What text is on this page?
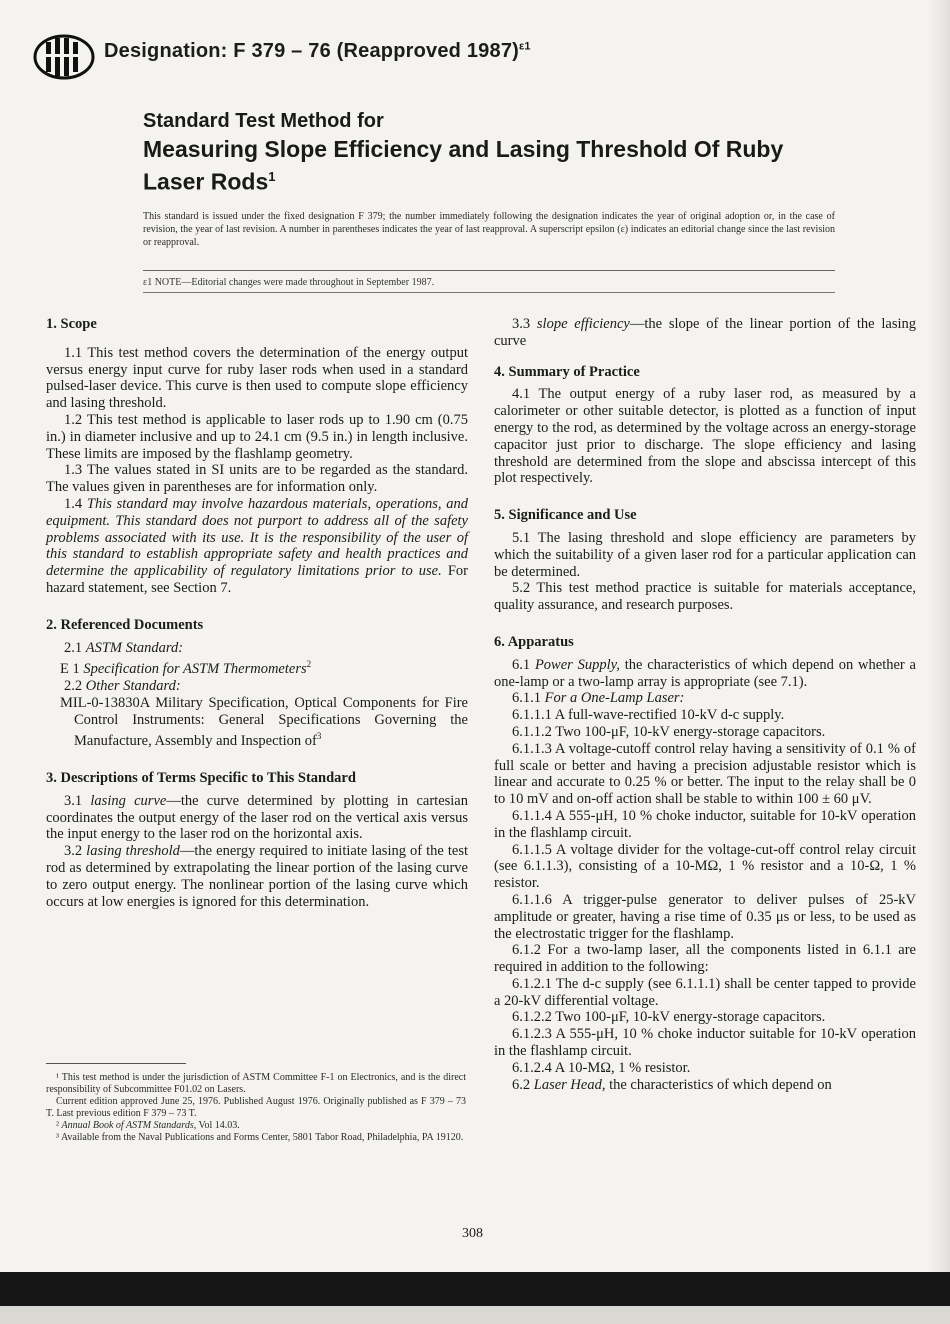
Designation: F 379 – 76 (Reapproved 1987)$^{\varepsilon 1}$
Standard Test Method for
Measuring Slope Efficiency and Lasing Threshold Of Ruby Laser Rods$^1$
This standard is issued under the fixed designation F 379; the number immediately following the designation indicates the year of original adoption or, in the case of revision, the year of last revision. A number in parentheses indicates the year of last reapproval. A superscript epsilon (ε) indicates an editorial change since the last revision or reapproval.
ε1 NOTE—Editorial changes were made throughout in September 1987.
1. Scope

1.1 This test method covers the determination of the energy output versus energy input curve for ruby laser rods when used in a standard pulsed-laser device. This curve is then used to compute slope efficiency and lasing threshold.

1.2 This test method is applicable to laser rods up to 1.90 cm (0.75 in.) in diameter inclusive and up to 24.1 cm (9.5 in.) in length inclusive. These limits are imposed by the flashlamp geometry.

1.3 The values stated in SI units are to be regarded as the standard. The values given in parentheses are for information only.

1.4 This standard may involve hazardous materials, operations, and equipment. This standard does not purport to address all of the safety problems associated with its use. It is the responsibility of the user of this standard to establish appropriate safety and health practices and determine the applicability of regulatory limitations prior to use. For hazard statement, see Section 7.

2. Referenced Documents

2.1 ASTM Standard:

E 1 Specification for ASTM Thermometers$^2$

2.2 Other Standard:

MIL-0-13830A Military Specification, Optical Components for Fire Control Instruments: General Specifications Governing the Manufacture, Assembly and Inspection $of^3$

3. Descriptions of Terms Specific to This Standard

3.1 lasing curve—the curve determined by plotting in cartesian coordinates the output energy of the laser rod on the vertical axis versus the input energy to the laser rod on the horizontal axis.

3.2 lasing threshold—the energy required to initiate lasing of the test rod as determined by extrapolating the linear portion of the lasing curve to zero output energy. The nonlinear portion of the lasing curve which occurs at low energies is ignored for this determination.

¹ This test method is under the jurisdiction of ASTM Committee F-1 on Electronics, and is the direct responsibility of Subcommittee F01.02 on Lasers.

Current edition approved June 25, 1976. Published August 1976. Originally published as F 379 – 73 T. Last previous edition F 379 – 73 T.

² Annual Book of ASTM Standards, Vol 14.03.

³ Available from the Naval Publications and Forms Center, 5801 Tabor Road, Philadelphia, PA 19120.

3.3 slope efficiency—the slope of the linear portion of the lasing curve

4. Summary of Practice

4.1 The output energy of a ruby laser rod, as measured by a calorimeter or other suitable detector, is plotted as a function of input energy to the rod, as determined by the voltage across an energy-storage capacitor just prior to discharge. The slope efficiency and lasing threshold are determined from the slope and abscissa intercept of this plot respectively.

5. Significance and Use

5.1 The lasing threshold and slope efficiency are parameters by which the suitability of a given laser rod for a particular application can be determined.

5.2 This test method practice is suitable for materials acceptance, quality assurance, and research purposes.

6. Apparatus

6.1 Power Supply, the characteristics of which depend on whether a one-lamp or a two-lamp array is appropriate (see 7.1).

6.1.1 For a One-Lamp Laser:

6.1.1.1 A full-wave-rectified 10-kV d-c supply.

6.1.1.2 Two 100-μF, 10-kV energy-storage capacitors.

6.1.1.3 A voltage-cutoff control relay having a sensitivity of 0.1 % of full scale or better and having a precision adjustable resistor which is linear and accurate to 0.25 % or better. The input to the relay shall be 0 to 10 mV and on-off action shall be stable to within 100 ± 60 μV.

6.1.1.4 A 555-μH, 10 % choke inductor, suitable for 10-kV operation in the flashlamp circuit.

6.1.1.5 A voltage divider for the voltage-cut-off control relay circuit (see 6.1.1.3), consisting of a 10-MΩ, 1 % resistor and a 10-Ω, 1 % resistor.

6.1.1.6 A trigger-pulse generator to deliver pulses of 25-kV amplitude or greater, having a rise time of 0.35 μs or less, to be used as the electrostatic trigger for the flashlamp.

6.1.2 For a two-lamp laser, all the components listed in 6.1.1 are required in addition to the following:

6.1.2.1 The d-c supply (see 6.1.1.1) shall be center tapped to provide a 20-kV differential voltage.

6.1.2.2 Two 100-μF, 10-kV energy-storage capacitors.

6.1.2.3 A 555-μH, 10 % choke inductor suitable for 10-kV operation in the flashlamp circuit.

6.1.2.4 A 10-MΩ, 1 % resistor.

6.2 Laser Head, the characteristics of which depend on

308
